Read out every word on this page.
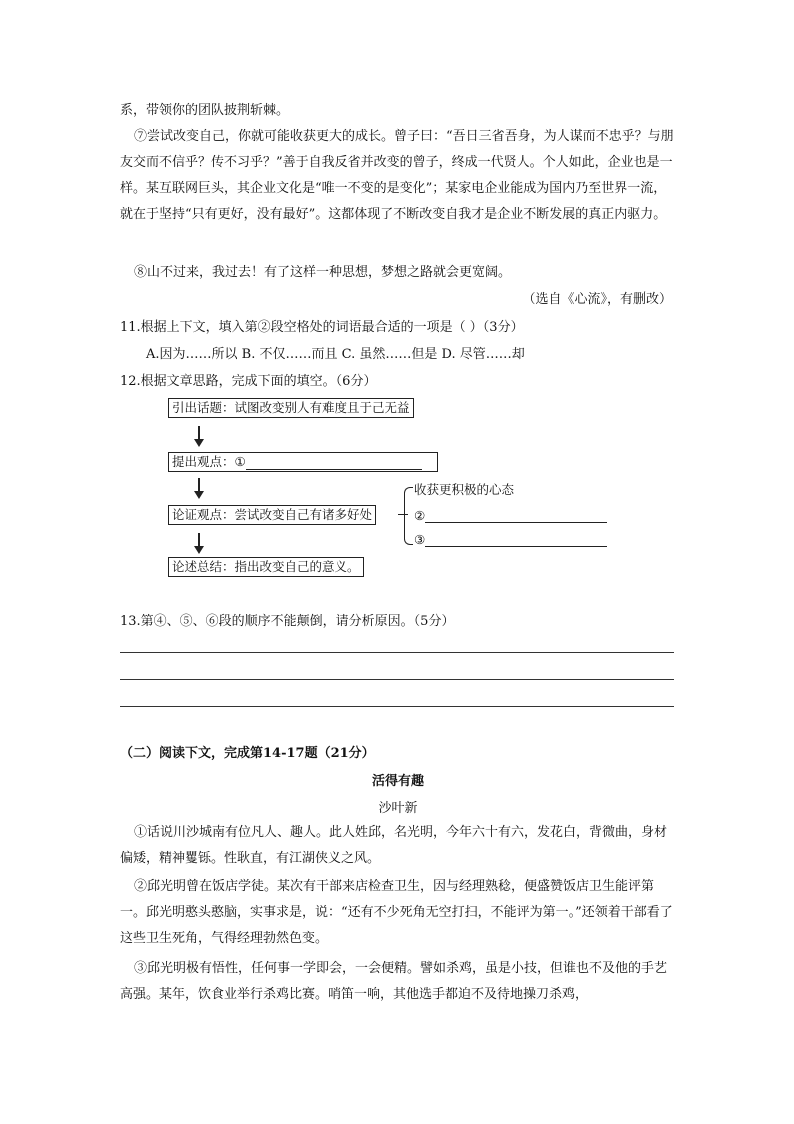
系，带领你的团队披荆斩棘。

⑦尝试改变自己，你就可能收获更大的成长。曾子曰：“吾日三省吾身，为人谋而不忠乎？与朋友交而不信乎？传不习乎？”善于自我反省并改变的曾子，终成一代贤人。个人如此，企业也是一样。某互联网巨头，其企业文化是“唯一不变的是变化”；某家电企业能成为国内乃至世界一流，就在于坚持“只有更好，没有最好”。这都体现了不断改变自我才是企业不断发展的真正内驱力。

⑧山不过来，我过去！有了这样一种思想，梦想之路就会更宽阔。

（选自《心流》，有删改）
11.根据上下文，填入第②段空格处的词语最合适的一项是（ ）（3分）
A.因为……所以 B. 不仅……而且 C. 虽然……但是 D. 尽管……却
12.根据文章思路，完成下面的填空。（6分）
引出话题：试图改变别人有难度且于己无益
提出观点：①
论证观点：尝试改变自己有诸多好处
收获更积极的心态
②
③
论述总结：指出改变自己的意义。
13.第④、⑤、⑥段的顺序不能颠倒，请分析原因。（5分）
（二）阅读下文，完成第14-17题（21分）
活得有趣
沙叶新

①话说川沙城南有位凡人、趣人。此人姓邱，名光明，今年六十有六，发花白，背微曲，身材偏矮，精神矍铄。性耿直，有江湖侠义之风。

②邱光明曾在饭店学徒。某次有干部来店检查卫生，因与经理熟稔，便盛赞饭店卫生能评第一。邱光明憨头憨脑，实事求是，说：“还有不少死角无空打扫，不能评为第一。”还领着干部看了这些卫生死角，气得经理勃然色变。

③邱光明极有悟性，任何事一学即会，一会便精。譬如杀鸡，虽是小技，但谁也不及他的手艺高强。某年，饮食业举行杀鸡比赛。哨笛一响，其他选手都迫不及待地操刀杀鸡，
